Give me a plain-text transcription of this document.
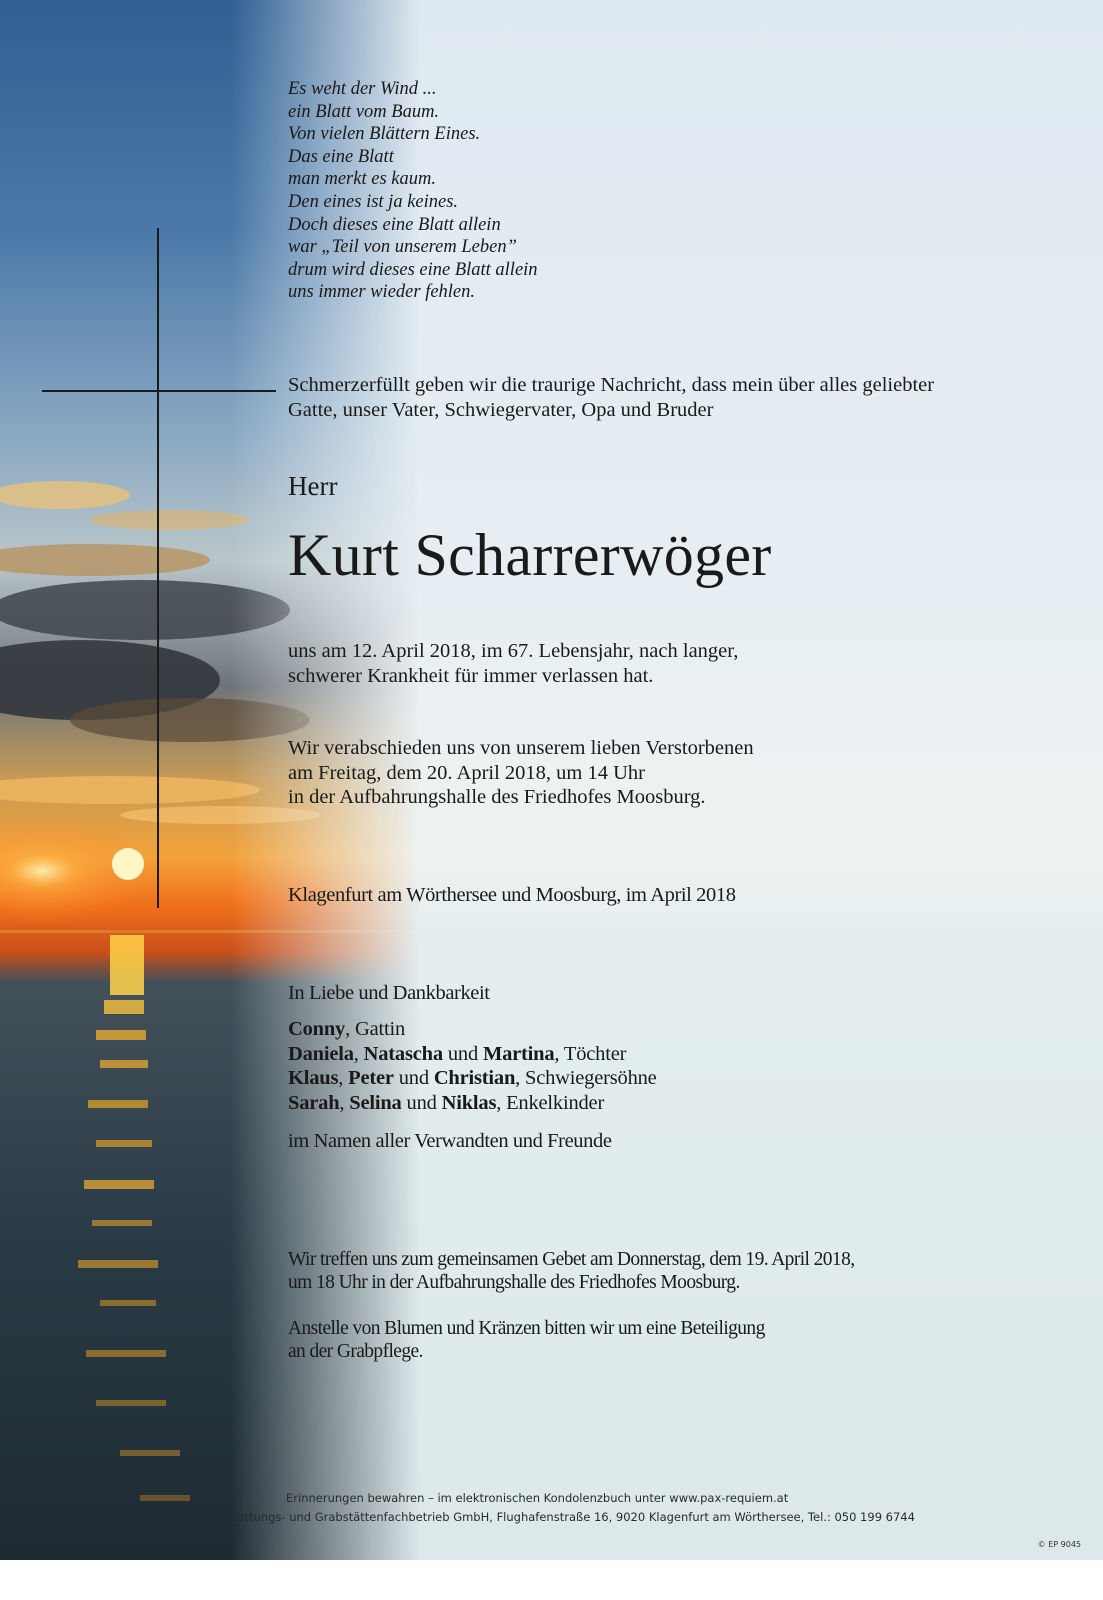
Es weht der Wind ...
ein Blatt vom Baum.
Von vielen Blättern Eines.
Das eine Blatt
man merkt es kaum.
Den eines ist ja keines.
Doch dieses eine Blatt allein
war „Teil von unserem Leben”
drum wird dieses eine Blatt allein
uns immer wieder fehlen.
Schmerzerfüllt geben wir die traurige Nachricht, dass mein über alles geliebter
Gatte, unser Vater, Schwiegervater, Opa und Bruder
Herr
Kurt Scharrerwöger
uns am 12. April 2018, im 67. Lebensjahr, nach langer,
schwerer Krankheit für immer verlassen hat.
Wir verabschieden uns von unserem lieben Verstorbenen
am Freitag, dem 20. April 2018, um 14 Uhr
in der Aufbahrungshalle des Friedhofes Moosburg.
Klagenfurt am Wörthersee und Moosburg, im April 2018
In Liebe und Dankbarkeit
Conny, Gattin
Daniela, Natascha und Martina, Töchter
Klaus, Peter und Christian, Schwiegersöhne
Sarah, Selina und Niklas, Enkelkinder
im Namen aller Verwandten und Freunde
Wir treffen uns zum gemeinsamen Gebet am Donnerstag, dem 19. April 2018,
um 18 Uhr in der Aufbahrungshalle des Friedhofes Moosburg.
Anstelle von Blumen und Kränzen bitten wir um eine Beteiligung
an der Grabpflege.
Erinnerungen bewahren – im elektronischen Kondolenzbuch unter www.pax-requiem.at
Bestattungs- und Grabstättenfachbetrieb GmbH, Flughafenstraße 16, 9020 Klagenfurt am Wörthersee, Tel.: 050 199 6744
© EP 9045
